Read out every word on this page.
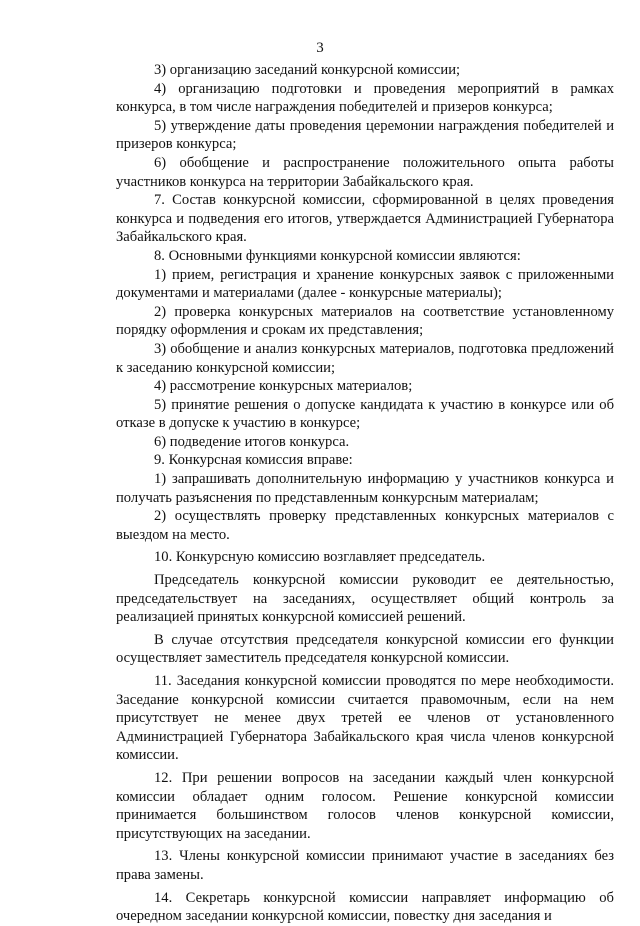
3

3) организацию заседаний конкурсной комиссии;

4) организацию подготовки и проведения мероприятий в рамках конкурса, в том числе награждения победителей и призеров конкурса;

5) утверждение даты проведения церемонии награждения победителей и призеров конкурса;

6) обобщение и распространение положительного опыта работы участников конкурса на территории Забайкальского края.

7. Состав конкурсной комиссии, сформированной в целях проведения конкурса и подведения его итогов, утверждается Администрацией Губернатора Забайкальского края.

8. Основными функциями конкурсной комиссии являются:

1) прием, регистрация и хранение конкурсных заявок с приложенными документами и материалами (далее - конкурсные материалы);

2) проверка конкурсных материалов на соответствие установленному порядку оформления и срокам их представления;

3) обобщение и анализ конкурсных материалов, подготовка предложений к заседанию конкурсной комиссии;

4) рассмотрение конкурсных материалов;

5) принятие решения о допуске кандидата к участию в конкурсе или об отказе в допуске к участию в конкурсе;

6) подведение итогов конкурса.

9. Конкурсная комиссия вправе:

1) запрашивать дополнительную информацию у участников конкурса и получать разъяснения по представленным конкурсным материалам;

2) осуществлять проверку представленных конкурсных материалов с выездом на место.

10. Конкурсную комиссию возглавляет председатель.

Председатель конкурсной комиссии руководит ее деятельностью, председательствует на заседаниях, осуществляет общий контроль за реализацией принятых конкурсной комиссией решений.

В случае отсутствия председателя конкурсной комиссии его функции осуществляет заместитель председателя конкурсной комиссии.

11. Заседания конкурсной комиссии проводятся по мере необходимости. Заседание конкурсной комиссии считается правомочным, если на нем присутствует не менее двух третей ее членов от установленного Администрацией Губернатора Забайкальского края числа членов конкурсной комиссии.

12. При решении вопросов на заседании каждый член конкурсной комиссии обладает одним голосом. Решение конкурсной комиссии принимается большинством голосов членов конкурсной комиссии, присутствующих на заседании.

13. Члены конкурсной комиссии принимают участие в заседаниях без права замены.

14. Секретарь конкурсной комиссии направляет информацию об очередном заседании конкурсной комиссии, повестку дня заседания и
